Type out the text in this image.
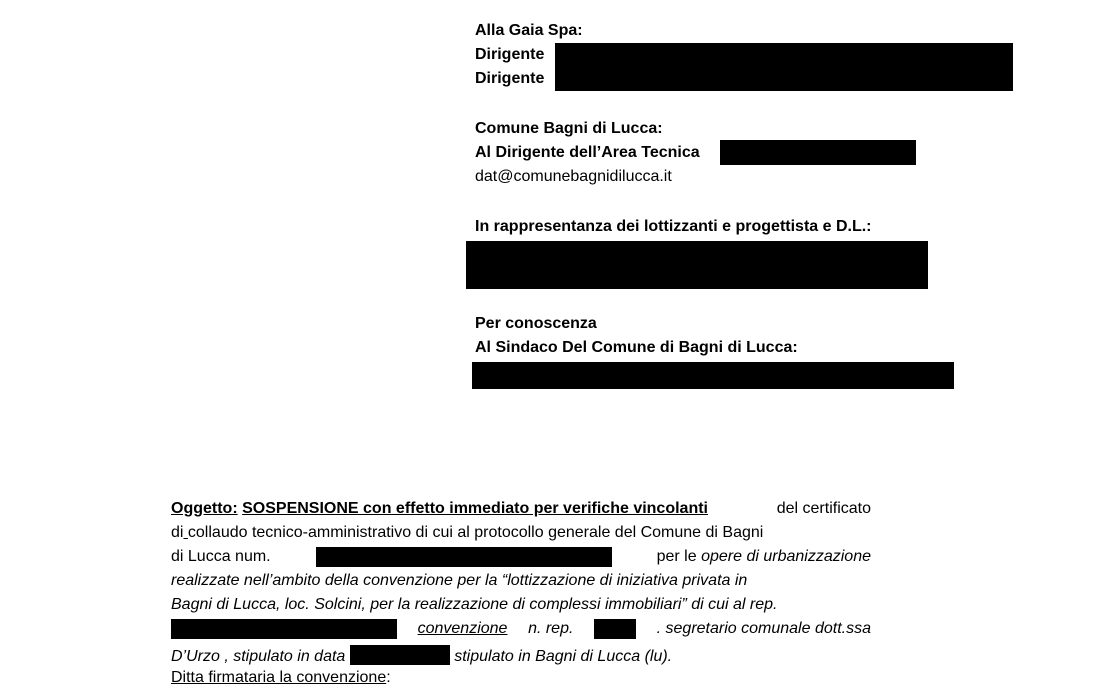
Alla Gaia Spa:
Dirigente
Dirigente
Comune Bagni di Lucca:
Al Dirigente dell’Area Tecnica
dat@comunebagnidilucca.it
In rappresentanza dei lottizzanti e progettista e D.L.:
Per conoscenza
Al Sindaco Del Comune di Bagni di Lucca:
Oggetto: SOSPENSIONE con effetto immediato per verifiche vincolanti	del certificato
di collaudo tecnico-amministrativo di cui al protocollo generale del Comune di Bagni
di Lucca num.	per le opere di urbanizzazione
realizzate nell’ambito della convenzione per la “lottizzazione di iniziativa privata in
Bagni di Lucca, loc. Solcini, per la realizzazione di complessi immobiliari” di cui al rep.
convenzione n. rep.	. segretario comunale dott.ssa
D’Urzo , stipulato in data	stipulato in Bagni di Lucca (lu).
Ditta firmataria la convenzione:
